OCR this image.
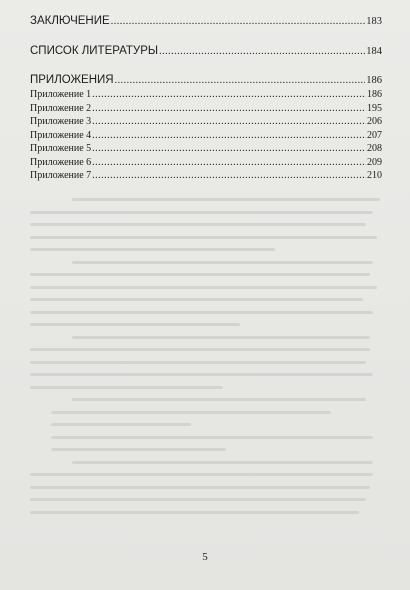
ЗАКЛЮЧЕНИЕ .....	183
СПИСОК ЛИТЕРАТУРЫ .....	184
ПРИЛОЖЕНИЯ .....	186
Приложение 1 .....	186
Приложение 2 .....	195
Приложение 3 .....	206
Приложение 4 .....	207
Приложение 5 .....	208
Приложение 6 .....	209
Приложение 7 .....	210
5
